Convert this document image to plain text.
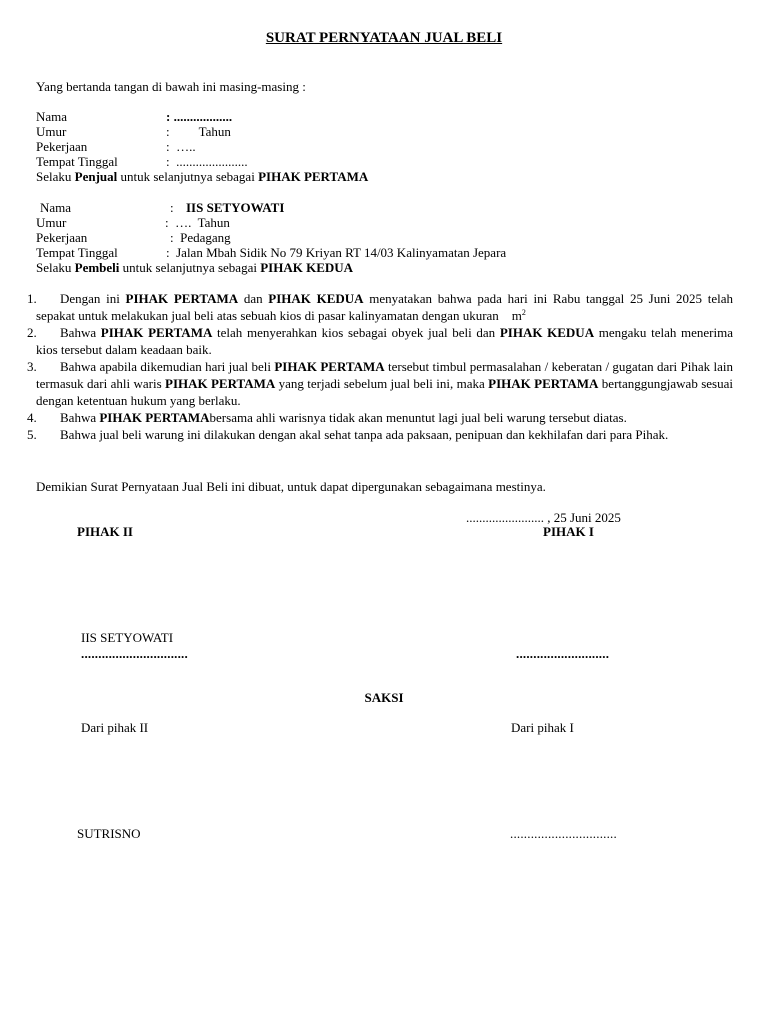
SURAT PERNYATAAN JUAL BELI
Yang bertanda tangan di bawah ini masing-masing :
Nama	: ..................
Umur	:         Tahun
Pekerjaan	:  …..
Tempat Tinggal	:  ......................
Selaku Penjual untuk selanjutnya sebagai PIHAK PERTAMA
Nama	: IIS SETYOWATI
Umur	:  ….  Tahun
Pekerjaan	:  Pedagang
Tempat Tinggal	:  Jalan Mbah Sidik No 79 Kriyan RT 14/03 Kalinyamatan Jepara
Selaku Pembeli untuk selanjutnya sebagai PIHAK KEDUA
1.	Dengan ini PIHAK PERTAMA dan PIHAK KEDUA menyatakan bahwa pada hari ini Rabu tanggal 25 Juni 2025 telah sepakat untuk melakukan jual beli atas sebuah kios di pasar kalinyamatan dengan ukuran    $m^2$
2.	Bahwa PIHAK PERTAMA telah menyerahkan kios sebagai obyek jual beli dan PIHAK KEDUA mengaku telah menerima kios tersebut dalam keadaan baik.
3.	Bahwa apabila dikemudian hari jual beli PIHAK PERTAMA tersebut timbul permasalahan / keberatan / gugatan dari Pihak lain termasuk dari ahli waris PIHAK PERTAMA yang terjadi sebelum jual beli ini, maka PIHAK PERTAMA bertanggungjawab sesuai dengan ketentuan hukum yang berlaku.
4.	Bahwa PIHAK PERTAMAbersama ahli warisnya tidak akan menuntut lagi jual beli warung tersebut diatas.
5.	Bahwa jual beli warung ini dilakukan dengan akal sehat tanpa ada paksaan, penipuan dan kekhilafan dari para Pihak.
Demikian Surat Pernyataan Jual Beli ini dibuat, untuk dapat dipergunakan sebagaimana mestinya.
........................ , 25 Juni 2025
PIHAK II	PIHAK I
IIS SETYOWATI
...............................	...........................
SAKSI
Dari pihak II	Dari pihak I
SUTRISNO	...............................
